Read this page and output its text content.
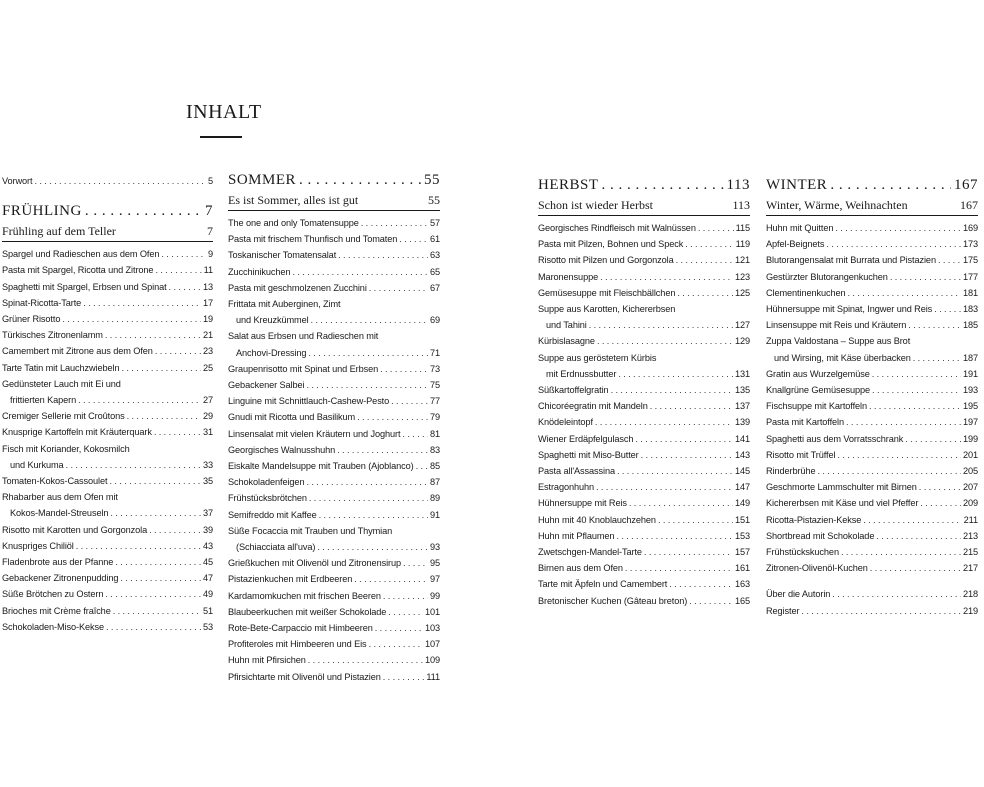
INHALT
Vorwort . . .	5
FRÜHLING . . .	7
Frühling auf dem Teller	7
Spargel und Radieschen aus dem Ofen . . .	9
Pasta mit Spargel, Ricotta und Zitrone . . .	11
Spaghetti mit Spargel, Erbsen und Spinat . . .	13
Spinat-Ricotta-Tarte . . .	17
Grüner Risotto . . .	19
Türkisches Zitronenlamm . . .	21
Camembert mit Zitrone aus dem Ofen . . .	23
Tarte Tatin mit Lauchzwiebeln . . .	25
Gedünsteter Lauch mit Ei und
frittierten Kapern . . .	27
Cremiger Sellerie mit Croûtons . . .	29
Knusprige Kartoffeln mit Kräuterquark . . .	31
Fisch mit Koriander, Kokosmilch
und Kurkuma . . .	33
Tomaten-Kokos-Cassoulet . . .	35
Rhabarber aus dem Ofen mit
Kokos-Mandel-Streuseln . . .	37
Risotto mit Karotten und Gorgonzola . . .	39
Knuspriges Chiliöl . . .	43
Fladenbrote aus der Pfanne . . .	45
Gebackener Zitronenpudding . . .	47
Süße Brötchen zu Ostern . . .	49
Brioches mit Crème fraîche . . .	51
Schokoladen-Miso-Kekse . . .	53
SOMMER . . .	55
Es ist Sommer, alles ist gut	55
The one and only Tomatensuppe . . .	57
Pasta mit frischem Thunfisch und Tomaten . . .	61
Toskanischer Tomatensalat . . .	63
Zucchinikuchen . . .	65
Pasta mit geschmolzenen Zucchini . . .	67
Frittata mit Auberginen, Zimt
und Kreuzkümmel . . .	69
Salat aus Erbsen und Radieschen mit
Anchovi-Dressing . . .	71
Graupenrisotto mit Spinat und Erbsen . . .	73
Gebackener Salbei . . .	75
Linguine mit Schnittlauch-Cashew-Pesto . . .	77
Gnudi mit Ricotta und Basilikum . . .	79
Linsensalat mit vielen Kräutern und Joghurt . . .	81
Georgisches Walnusshuhn . . .	83
Eiskalte Mandelsuppe mit Trauben (Ajoblanco) . . . 85
Schokoladenfeigen . . .	87
Frühstücksbrötchen . . .	89
Semifreddo mit Kaffee . . .	91
Süße Focaccia mit Trauben und Thymian
(Schiacciata all'uva) . . .	93
Grießkuchen mit Olivenöl und Zitronensirup . . .	95
Pistazienkuchen mit Erdbeeren . . .	97
Kardamomkuchen mit frischen Beeren . . .	99
Blaubeerkuchen mit weißer Schokolade . . .	101
Rote-Bete-Carpaccio mit Himbeeren . . .	103
Profiteroles mit Himbeeren und Eis . . .	107
Huhn mit Pfirsichen . . .	109
Pfirsichtarte mit Olivenöl und Pistazien . . .	111
HERBST . . .	113
Schon ist wieder Herbst	113
Georgisches Rindfleisch mit Walnüssen . . .	115
Pasta mit Pilzen, Bohnen und Speck . . .	119
Risotto mit Pilzen und Gorgonzola . . .	121
Maronensuppe . . .	123
Gemüsesuppe mit Fleischbällchen . . .	125
Suppe aus Karotten, Kichererbsen
und Tahini . . .	127
Kürbislasagne . . .	129
Suppe aus geröstetem Kürbis
mit Erdnussbutter . . .	131
Süßkartoffelgratin . . .	135
Chicoréegratin mit Mandeln . . .	137
Knödeleintopf . . .	139
Wiener Erdäpfelgulasch . . .	141
Spaghetti mit Miso-Butter . . .	143
Pasta all'Assassina . . .	145
Estragonhuhn . . .	147
Hühnersuppe mit Reis . . .	149
Huhn mit 40 Knoblauchzehen . . .	151
Huhn mit Pflaumen . . .	153
Zwetschgen-Mandel-Tarte . . .	157
Birnen aus dem Ofen . . .	161
Tarte mit Äpfeln und Camembert . . .	163
Bretonischer Kuchen (Gâteau breton) . . .	165
WINTER . . .	167
Winter, Wärme, Weihnachten	167
Huhn mit Quitten . . .	169
Apfel-Beignets . . .	173
Blutorangensalat mit Burrata und Pistazien . . .	175
Gestürzter Blutorangenkuchen . . .	177
Clementinenkuchen . . .	181
Hühnersuppe mit Spinat, Ingwer und Reis . . .	183
Linsensuppe mit Reis und Kräutern . . .	185
Zuppa Valdostana – Suppe aus Brot
und Wirsing, mit Käse überbacken . . .	187
Gratin aus Wurzelgemüse . . .	191
Knallgrüne Gemüsesuppe . . .	193
Fischsuppe mit Kartoffeln . . .	195
Pasta mit Kartoffeln . . .	197
Spaghetti aus dem Vorratsschrank . . .	199
Risotto mit Trüffel . . .	201
Rinderbrühe . . .	205
Geschmorte Lammschulter mit Birnen . . .	207
Kichererbsen mit Käse und viel Pfeffer . . .	209
Ricotta-Pistazien-Kekse . . .	211
Shortbread mit Schokolade . . .	213
Frühstückskuchen . . .	215
Zitronen-Olivenöl-Kuchen . . .	217
Über die Autorin . . .	218
Register . . .	219
